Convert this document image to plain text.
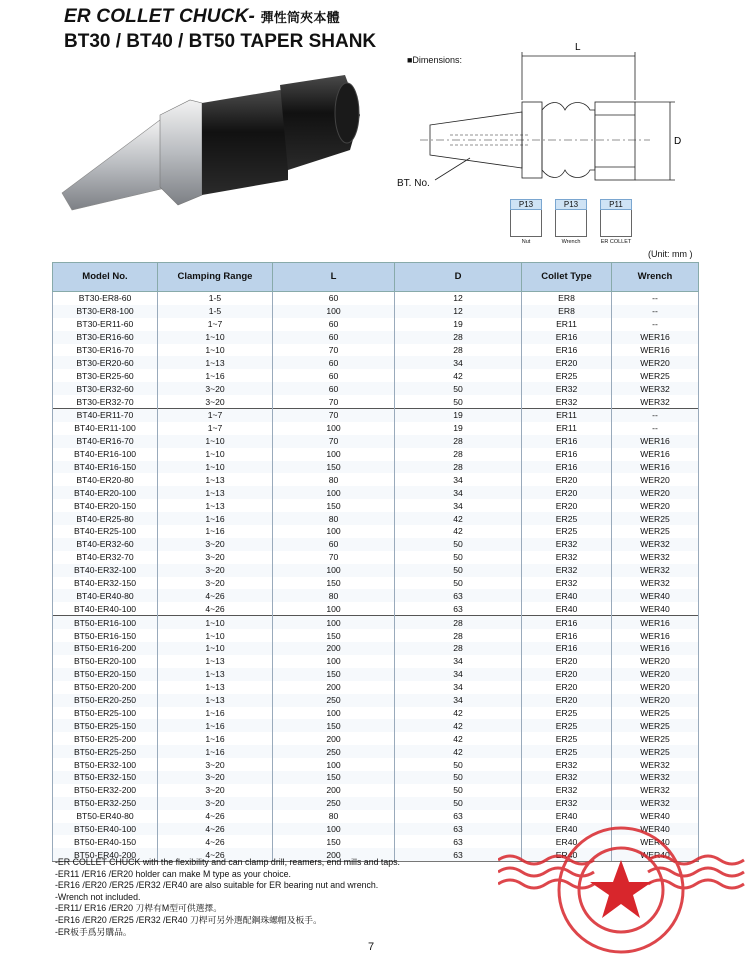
ER COLLET CHUCK- 彈性筒夾本體
BT30 / BT40 / BT50 TAPER SHANK	L
D
■Dimensions:
BT. No.
P13
Nut
P13
Wrench
P11
ER COLLET
(Unit: mm )
Model No.	Clamping Range	L	D	Collet Type	Wrench
BT30-ER8-60	1-5	60	12	ER8	--
BT30-ER8-100	1-5	100	12	ER8	--
BT30-ER11-60	1~7	60	19	ER11	--
BT30-ER16-60	1~10	60	28	ER16	WER16
BT30-ER16-70	1~10	70	28	ER16	WER16
BT30-ER20-60	1~13	60	34	ER20	WER20
BT30-ER25-60	1~16	60	42	ER25	WER25
BT30-ER32-60	3~20	60	50	ER32	WER32
BT30-ER32-70	3~20	70	50	ER32	WER32
BT40-ER11-70	1~7	70	19	ER11	--
BT40-ER11-100	1~7	100	19	ER11	--
BT40-ER16-70	1~10	70	28	ER16	WER16
BT40-ER16-100	1~10	100	28	ER16	WER16
BT40-ER16-150	1~10	150	28	ER16	WER16
BT40-ER20-80	1~13	80	34	ER20	WER20
BT40-ER20-100	1~13	100	34	ER20	WER20
BT40-ER20-150	1~13	150	34	ER20	WER20
BT40-ER25-80	1~16	80	42	ER25	WER25
BT40-ER25-100	1~16	100	42	ER25	WER25
BT40-ER32-60	3~20	60	50	ER32	WER32
BT40-ER32-70	3~20	70	50	ER32	WER32
BT40-ER32-100	3~20	100	50	ER32	WER32
BT40-ER32-150	3~20	150	50	ER32	WER32
BT40-ER40-80	4~26	80	63	ER40	WER40
BT40-ER40-100	4~26	100	63	ER40	WER40
BT50-ER16-100	1~10	100	28	ER16	WER16
BT50-ER16-150	1~10	150	28	ER16	WER16
BT50-ER16-200	1~10	200	28	ER16	WER16
BT50-ER20-100	1~13	100	34	ER20	WER20
BT50-ER20-150	1~13	150	34	ER20	WER20
BT50-ER20-200	1~13	200	34	ER20	WER20
BT50-ER20-250	1~13	250	34	ER20	WER20
BT50-ER25-100	1~16	100	42	ER25	WER25
BT50-ER25-150	1~16	150	42	ER25	WER25
BT50-ER25-200	1~16	200	42	ER25	WER25
BT50-ER25-250	1~16	250	42	ER25	WER25
BT50-ER32-100	3~20	100	50	ER32	WER32
BT50-ER32-150	3~20	150	50	ER32	WER32
BT50-ER32-200	3~20	200	50	ER32	WER32
BT50-ER32-250	3~20	250	50	ER32	WER32
BT50-ER40-80	4~26	80	63	ER40	WER40
BT50-ER40-100	4~26	100	63	ER40	WER40
BT50-ER40-150	4~26	150	63	ER40	WER40
BT50-ER40-200	4~26	200	63	ER40	WER40
-ER COLLET CHUCK with the flexibility and can clamp drill, reamers, end mills and taps.
-ER11 /ER16 /ER20 holder can make M type as your choice.
-ER16 /ER20 /ER25 /ER32 /ER40 are also suitable for ER bearing nut and wrench.
-Wrench not included.
-ER11/ ER16 /ER20 刀桿有M型可供選擇。
-ER16 /ER20 /ER25 /ER32 /ER40 刀桿可另外選配鋼珠螺帽及板手。
-ER板手爲另購品。
7
